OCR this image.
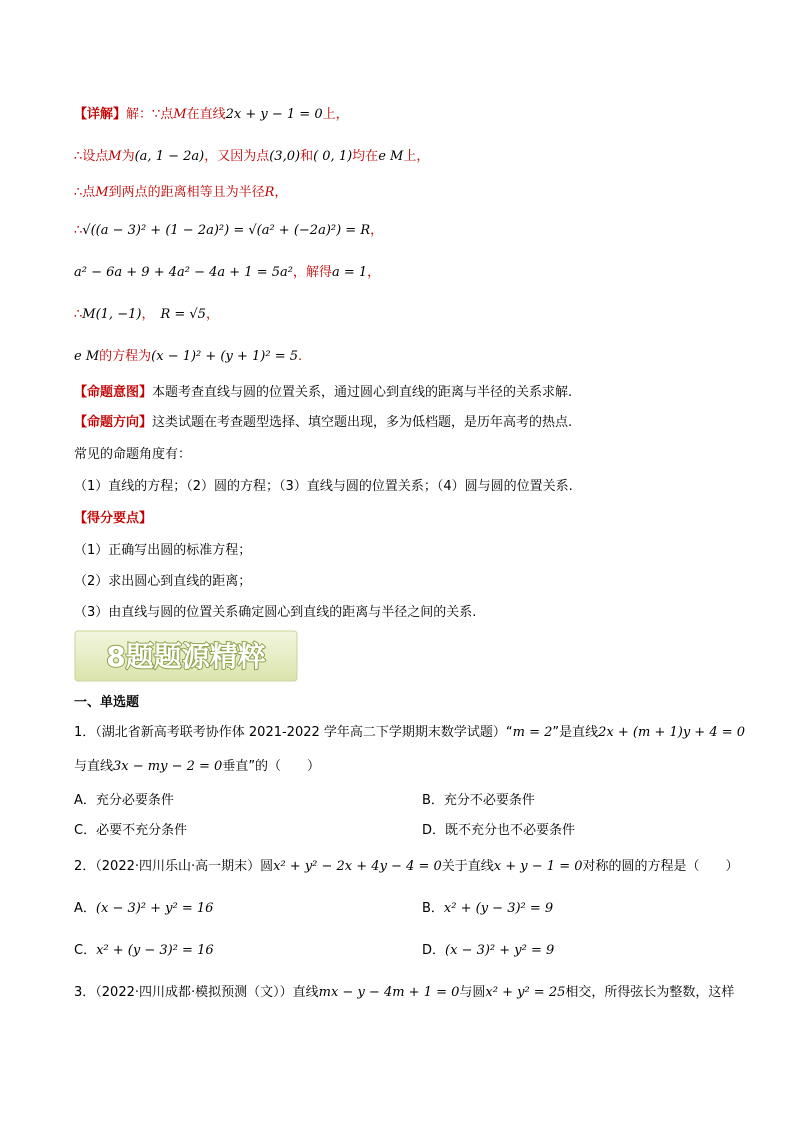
【详解】解：∵点M在直线2x + y − 1 = 0上，
∴设点M为(a, 1 − 2a)，又因为点(3,0)和( 0, 1)均在e M上，
∴点M到两点的距离相等且为半径R，
∴√((a − 3)² + (1 − 2a)²) = √(a² + (−2a)²) = R，
a² − 6a + 9 + 4a² − 4a + 1 = 5a²，解得a = 1，
∴M(1, −1)， R = √5，
e M的方程为(x − 1)² + (y + 1)² = 5.
【命题意图】本题考查直线与圆的位置关系，通过圆心到直线的距离与半径的关系求解.
【命题方向】这类试题在考查题型选择、填空题出现，多为低档题，是历年高考的热点.
常见的命题角度有：
（1）直线的方程；（2）圆的方程；（3）直线与圆的位置关系；（4）圆与圆的位置关系.
【得分要点】
（1）正确写出圆的标准方程；
（2）求出圆心到直线的距离；
（3）由直线与圆的位置关系确定圆心到直线的距离与半径之间的关系.
8题题源精粹
一、单选题
1．（湖北省新高考联考协作体 2021-2022 学年高二下学期期末数学试题）“m = 2”是直线2x + (m + 1)y + 4 = 0
与直线3x − my − 2 = 0垂直”的（　　）
A．充分必要条件	B．充分不必要条件
C．必要不充分条件	D．既不充分也不必要条件
2．（2022·四川乐山·高一期末）圆x² + y² − 2x + 4y − 4 = 0关于直线x + y − 1 = 0对称的圆的方程是（　　）
A．(x − 3)² + y² = 16	B．x² + (y − 3)² = 9
C．x² + (y − 3)² = 16	D．(x − 3)² + y² = 9
3．（2022·四川成都·模拟预测（文））直线mx − y − 4m + 1 = 0与圆x² + y² = 25相交，所得弦长为整数，这样
